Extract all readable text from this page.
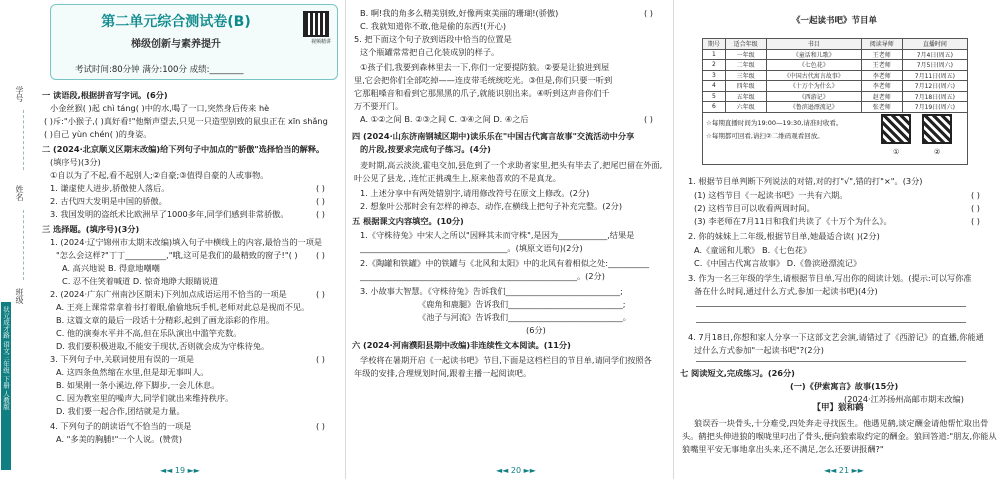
学号
姓名
班级
状元成才路 语文三年级 下册 人教版
第二单元综合测试卷(B)
梯级创新与素养提升
考试时间:80分钟 满分:100分 成绩:________
视频精讲
一 读语段,根据拼音写字词。(6分)
小金丝猴( )起 chì táng( )中的水,喝了一口,突然身后传来 hè
( )斥:"小猴子,( )真好看!"他惭声望去,只见一只造型别致的鼠虫正在 xīn shǎng
( )自己 yùn chén( )的身姿。
二 (2024·北京顺义区期末改编)给下列句子中加点的"骄傲"选择恰当的解释。
(填序号)(3分)
①自以为了不起,看不起别人;②自豪;③值得自豪的人或事物。
1. 谦虚使人进步,骄傲使人落后。
2. 古代四大发明是中国的骄傲。
3. 我国发明的盗纸术比欧洲早了1000多年,同学们感到非常骄傲。
三 选择题。(填序号)(3分)
1. (2024·辽宁锦州市太期末改编)填入句子中横线上的内容,最恰当的一项是
"怎么会这样?"丁丁__________,"哦,这可是我们的最精致的窗子!"( )
A. 高兴地说 B. 得意地嘲嘲
C. 忍不住笑着喊道 D. 惊奇地睁大眼睛说道
2. (2024·广东广州南沙区期末)下列加点成语运用不恰当的一项是
A. 王亮上课常常拿着书打着眼,偷偷地玩手机,老师对此总是视而不见。
B. 这篇文章的最后一段话十分精彩,起到了画龙添彩的作用。
C. 他的演奏水平并不高,但在乐队演出中滥竽充数。
D. 我们要积极进取,不能安于现状,否则就会成为守株待兔。
3. 下列句子中,关联词使用有误的一项是
A. 这四条鱼然缩在水里,但是却无事叫人。
B. 如果刚一条小溪边,停下脚步,一会儿休息。
C. 因为教室里的噪声大,同学们就出来维持秩序。
D. 我们要一起合作,团结就是力量。
4. 下列句子的朗读语气不恰当的一项是
A. "多美的胸脯!"一个人说。(赞赏)
( )
( )
( )
( )
( )
( )
( )
◄◄ 19 ►►
B. 啊!我的角多么精美别致,好像两束美丽的珊瑚!(骄傲)
C. 我就知道你不敢,他是偷的东西!(开心)
5. 把下面这个句子放到语段中恰当的位置是
这个瓶罐常常把自己化装成别的样子。
①孩子们,我要到森林里去一下,你们一定要提防狼。②要是让狼进到屋
里,它会把你们全部吃掉——连皮带毛统统吃光。③但是,你们只要一听到
它那粗嗓音和看到它那黑黑的爪子,就能识别出来。④听到这声音你们千
万不要开门。
A. ①②之间 B. ②③之间 C. ③④之间 D. ④之后
四 (2024·山东济南钢城区期中)读乐乐在"中国古代寓言故事"交流活动中分享
的片段,按要求完成句子练习。(4分)
麦时期,高云淡淡,霍电交加,县危到了一个求助者家里,把头有毕去了,把尾巴留在外面,
叶公见了县龙, ,连忙正挑魂生上,原来他喜欢的不是真龙。
1. 上述分享中有两处错别字,请用修改符号在原文上修改。(2分)
2. 想象叶公那时会有怎样的神态、动作,在横线上把句子补充完整。(2分)
五 根据课文内容填空。(10分)
1.《守株待兔》中宋人之所以"因释其未而守株",是因为____________,结果是
____________________________________。(填原文语句)(2分)
2.《陶罐和铁罐》中的铁罐与《北风和太阳》中的北风有着相似之处:__________
_____________________________________________________。(2分)
3. 小故事大智慧。《守株待兔》告诉我们____________________________;
《鹿角和鹿腿》告诉我们____________________________;
《池子与河流》告诉我们____________________________。
(6分)
六 (2024·河南濮阳县期中改编)非连续性文本阅读。(11分)
学校将在暑期开启《一起读书吧》节目,下面是这档栏目的节目单,请同学们按照各
年级的安排,合理规划时间,跟着主播一起阅读吧。
( )
( )
◄◄ 20 ►►
《一起读书吧》节目单
期号	适合年级	书目	阅读导师	直播时间
1	一年级	《童话和儿歌》	王老师	7月4日(周五)
2	二年级	《七色花》	王老师	7月5日(周六)
3	三年级	《中国古代寓言故事》	李老师	7月11日(周五)
4	四年级	《十万个为什么》	李老师	7月12日(周六)
5	五年级	《西游记》	赵老师	7月18日(周五)
6	六年级	《鲁滨逊漂流记》	张老师	7月19日(周六)
☆每期直播时间为19:00—19:30,请准时收看。
☆每期都可回看,请扫②二维码观看回放。
①	②
1. 根据节目单判断下列说法的对错,对的打"√",错的打"×"。(3分)
(1) 这档节目《一起读书吧》一共有六期。
(2) 这档节目可以收看两周时间。
(3) 李老师在7月11日和我们共读了《十万个为什么》。
2. 你的妹妹上二年级,根据节目单,她最适合读( )(2分)
A.《童谣和儿歌》 B.《七色花》
C.《中国古代寓言故事》 D.《鲁滨逊漂流记》
3. 作为一名三年级的学生,请根据节目单,写出你的阅读计划。(提示:可以写你准
备在什么时间,通过什么方式,参加一起读书吧)(4分)
4. 7月18日,你想和家人分享一下这部文艺会演,请错过了《西游记》的直播,你能通
过什么方式参加"一起读书吧"?(2分)
七 阅读短文,完成练习。(26分)
(一)《伊索寓言》故事(15分)
(2024·江苏扬州高邮市期末改编)
狼误吞一块骨头,十分难受,四处奔走寻找医生。他遇见鹤,谈定酬金请他帮忙取出骨
头。鹤把头伸进狼的喉咙里叼出了骨头,便向狼索取约定的酬金。狼回答道:"朋友,你能从
狼嘴里平安无事地拿出头来,还不满足,怎么还要讲报酬?"
( )
( )
( )
【甲】狼和鹤
◄◄ 21 ►►
